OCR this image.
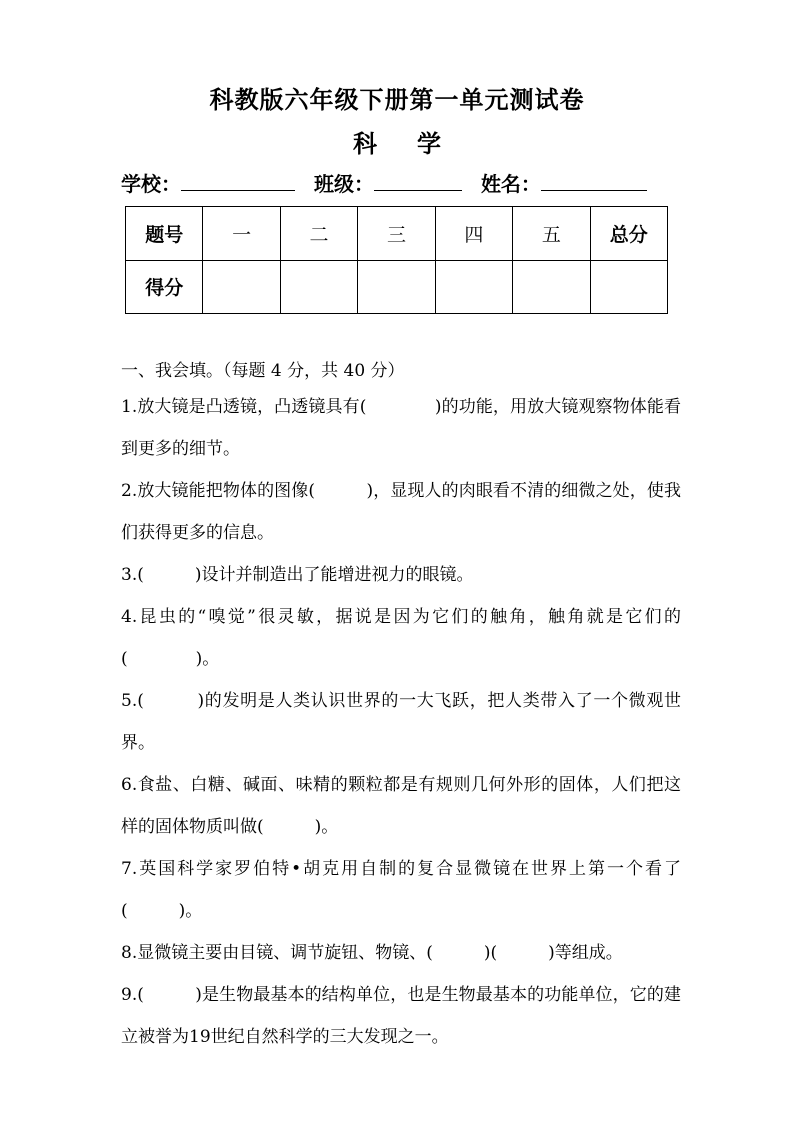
科教版六年级下册第一单元测试卷
科学
学校：	班级：	姓名：
题号	一	二	三	四	五	总分
得分						
一、我会填。（每题 4 分，共 40 分）

1.放大镜是凸透镜，凸透镜具有(　　　　)的功能，用放大镜观察物体能看到更多的细节。

2.放大镜能把物体的图像(　　　)，显现人的肉眼看不清的细微之处，使我们获得更多的信息。

3.(　　　)设计并制造出了能增进视力的眼镜。

4.昆虫的“嗅觉”很灵敏，据说是因为它们的触角，触角就是它们的(　　　　)。

5.(　　　)的发明是人类认识世界的一大飞跃，把人类带入了一个微观世界。

6.食盐、白糖、碱面、味精的颗粒都是有规则几何外形的固体，人们把这样的固体物质叫做(　　　)。

7.英国科学家罗伯特•胡克用自制的复合显微镜在世界上第一个看了(　　　)。

8.显微镜主要由目镜、调节旋钮、物镜、(　　　)(　　　)等组成。

9.(　　　)是生物最基本的结构单位，也是生物最基本的功能单位，它的建立被誉为19世纪自然科学的三大发现之一。
